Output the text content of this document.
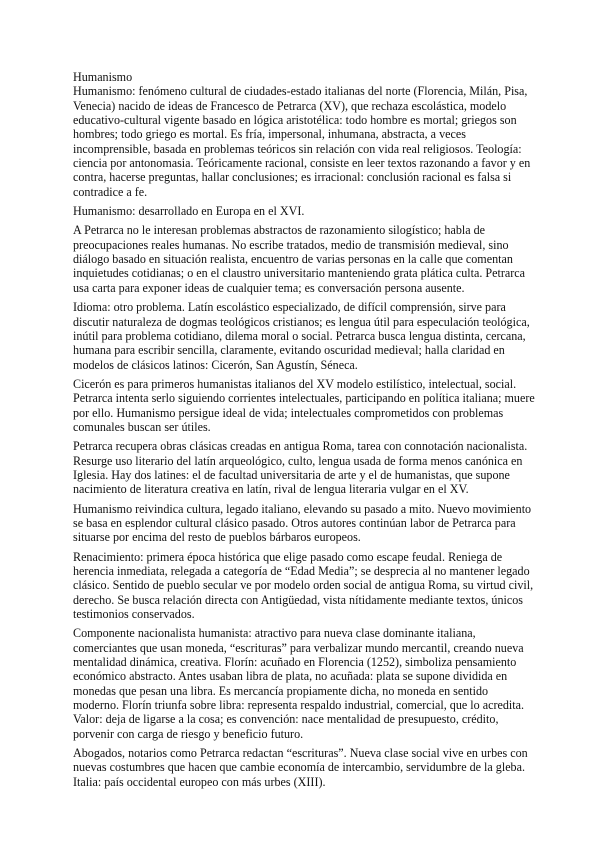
Humanismo

Humanismo: fenómeno cultural de ciudades-estado italianas del norte (Florencia, Milán, Pisa, Venecia) nacido de ideas de Francesco de Petrarca (XV), que rechaza escolástica, modelo educativo-cultural vigente basado en lógica aristotélica: todo hombre es mortal; griegos son hombres; todo griego es mortal. Es fría, impersonal, inhumana, abstracta, a veces incomprensible, basada en problemas teóricos sin relación con vida real religiosos. Teología: ciencia por antonomasia. Teóricamente racional, consiste en leer textos razonando a favor y en contra, hacerse preguntas, hallar conclusiones; es irracional: conclusión racional es falsa si contradice a fe.

Humanismo: desarrollado en Europa en el XVI.

A Petrarca no le interesan problemas abstractos de razonamiento silogístico; habla de preocupaciones reales humanas. No escribe tratados, medio de transmisión medieval, sino diálogo basado en situación realista, encuentro de varias personas en la calle que comentan inquietudes cotidianas; o en el claustro universitario manteniendo grata plática culta. Petrarca usa carta para exponer ideas de cualquier tema; es conversación persona ausente.

Idioma: otro problema. Latín escolástico especializado, de difícil comprensión, sirve para discutir naturaleza de dogmas teológicos cristianos; es lengua útil para especulación teológica, inútil para problema cotidiano, dilema moral o social. Petrarca busca lengua distinta, cercana, humana para escribir sencilla, claramente, evitando oscuridad medieval; halla claridad en modelos de clásicos latinos: Cicerón, San Agustín, Séneca.

Cicerón es para primeros humanistas italianos del XV modelo estilístico, intelectual, social. Petrarca intenta serlo siguiendo corrientes intelectuales, participando en política italiana; muere por ello. Humanismo persigue ideal de vida; intelectuales comprometidos con problemas comunales buscan ser útiles.

Petrarca recupera obras clásicas creadas en antigua Roma, tarea con connotación nacionalista. Resurge uso literario del latín arqueológico, culto, lengua usada de forma menos canónica en Iglesia. Hay dos latines: el de facultad universitaria de arte y el de humanistas, que supone nacimiento de literatura creativa en latín, rival de lengua literaria vulgar en el XV.

Humanismo reivindica cultura, legado italiano, elevando su pasado a mito. Nuevo movimiento se basa en esplendor cultural clásico pasado. Otros autores continúan labor de Petrarca para situarse por encima del resto de pueblos bárbaros europeos.

Renacimiento: primera época histórica que elige pasado como escape feudal. Reniega de herencia inmediata, relegada a categoría de “Edad Media”; se desprecia al no mantener legado clásico. Sentido de pueblo secular ve por modelo orden social de antigua Roma, su virtud civil, derecho. Se busca relación directa con Antigüedad, vista nítidamente mediante textos, únicos testimonios conservados.

Componente nacionalista humanista: atractivo para nueva clase dominante italiana, comerciantes que usan moneda, “escrituras” para verbalizar mundo mercantil, creando nueva mentalidad dinámica, creativa. Florín: acuñado en Florencia (1252), simboliza pensamiento económico abstracto. Antes usaban libra de plata, no acuñada: plata se supone dividida en monedas que pesan una libra. Es mercancía propiamente dicha, no moneda en sentido moderno. Florín triunfa sobre libra: representa respaldo industrial, comercial, que lo acredita. Valor: deja de ligarse a la cosa; es convención: nace mentalidad de presupuesto, crédito, porvenir con carga de riesgo y beneficio futuro.

Abogados, notarios como Petrarca redactan “escrituras”. Nueva clase social vive en urbes con nuevas costumbres que hacen que cambie economía de intercambio, servidumbre de la gleba. Italia: país occidental europeo con más urbes (XIII).
